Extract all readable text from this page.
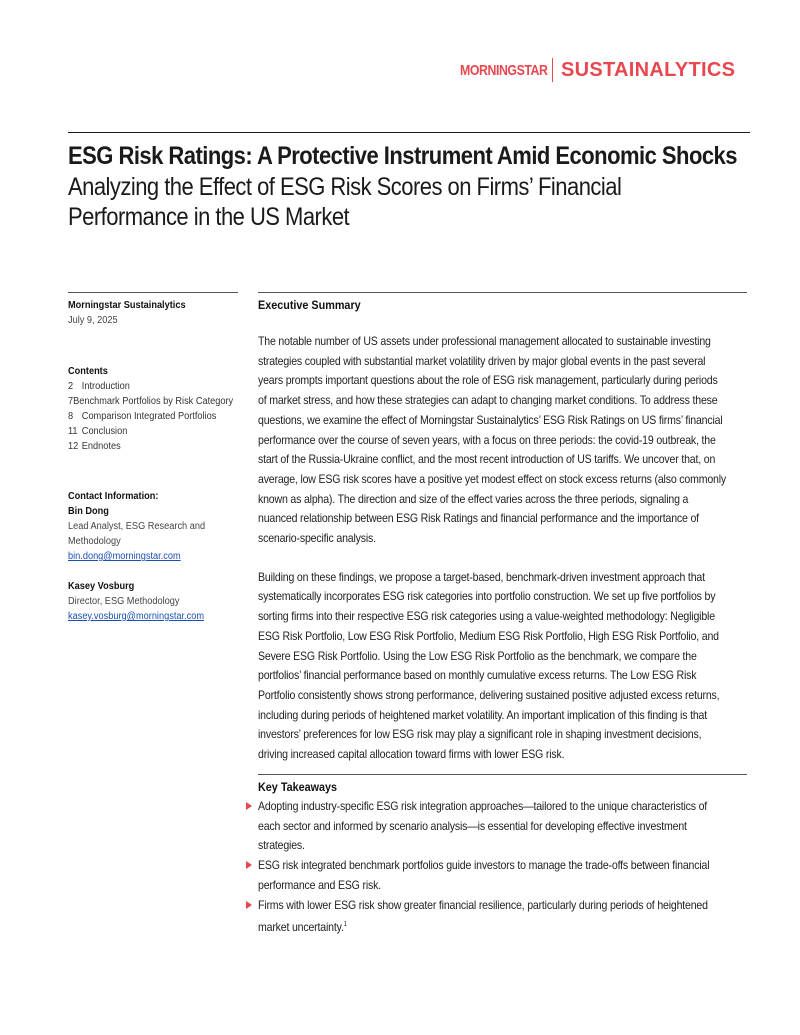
MORNINGSTAR SUSTAINALYTICS
ESG Risk Ratings: A Protective Instrument Amid Economic Shocks
Analyzing the Effect of ESG Risk Scores on Firms’ Financial
Performance in the US Market
Morningstar Sustainalytics
July 9, 2025
Contents
2 Introduction
7 Benchmark Portfolios by Risk Category
8 Comparison Integrated Portfolios
11 Conclusion
12 Endnotes
Contact Information:
Bin Dong
Lead Analyst, ESG Research and
Methodology
bin.dong@morningstar.com
Kasey Vosburg
Director, ESG Methodology
kasey.vosburg@morningstar.com
Executive Summary
The notable number of US assets under professional management allocated to sustainable investing
strategies coupled with substantial market volatility driven by major global events in the past several
years prompts important questions about the role of ESG risk management, particularly during periods
of market stress, and how these strategies can adapt to changing market conditions. To address these
questions, we examine the effect of Morningstar Sustainalytics’ ESG Risk Ratings on US firms’ financial
performance over the course of seven years, with a focus on three periods: the covid-19 outbreak, the
start of the Russia-Ukraine conflict, and the most recent introduction of US tariffs. We uncover that, on
average, low ESG risk scores have a positive yet modest effect on stock excess returns (also commonly
known as alpha). The direction and size of the effect varies across the three periods, signaling a
nuanced relationship between ESG Risk Ratings and financial performance and the importance of
scenario-specific analysis.
Building on these findings, we propose a target-based, benchmark-driven investment approach that
systematically incorporates ESG risk categories into portfolio construction. We set up five portfolios by
sorting firms into their respective ESG risk categories using a value-weighted methodology: Negligible
ESG Risk Portfolio, Low ESG Risk Portfolio, Medium ESG Risk Portfolio, High ESG Risk Portfolio, and
Severe ESG Risk Portfolio. Using the Low ESG Risk Portfolio as the benchmark, we compare the
portfolios’ financial performance based on monthly cumulative excess returns. The Low ESG Risk
Portfolio consistently shows strong performance, delivering sustained positive adjusted excess returns,
including during periods of heightened market volatility. An important implication of this finding is that
investors’ preferences for low ESG risk may play a significant role in shaping investment decisions,
driving increased capital allocation toward firms with lower ESG risk.
Key Takeaways
Adopting industry-specific ESG risk integration approaches—tailored to the unique characteristics of
each sector and informed by scenario analysis—is essential for developing effective investment
strategies.
ESG risk integrated benchmark portfolios guide investors to manage the trade-offs between financial
performance and ESG risk.
Firms with lower ESG risk show greater financial resilience, particularly during periods of heightened
market uncertainty.$^1$
